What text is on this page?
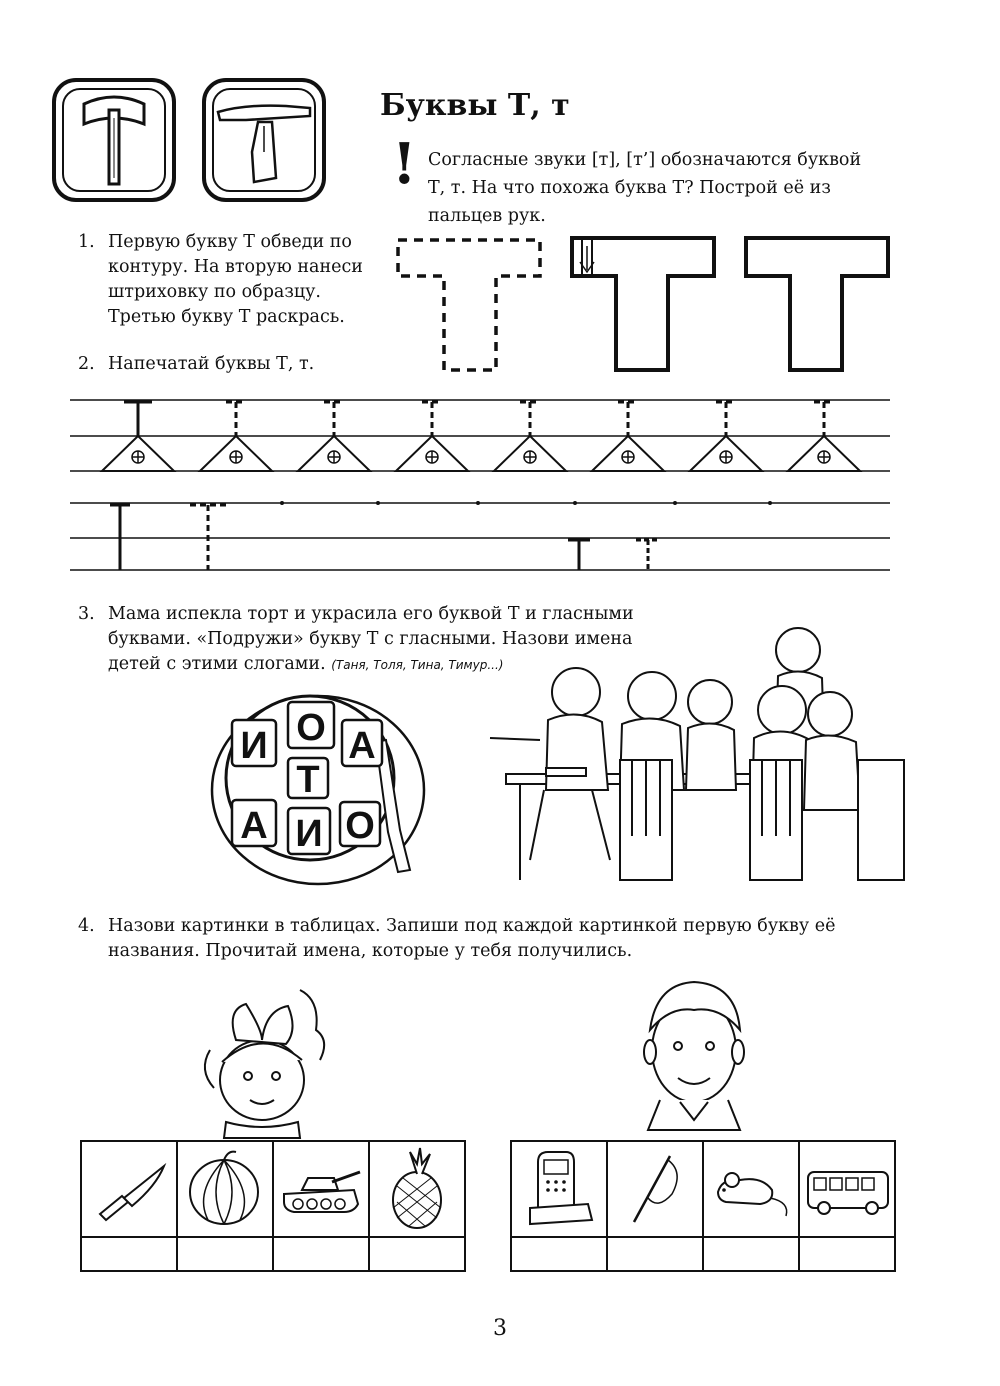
Буквы Т, т
! Согласные звуки [т], [т’] обозначаются буквой Т, т. На что похожа буква Т? Построй её из пальцев рук.
1. Первую букву Т обведи по контуру. На вторую нанеси штриховку по образцу. Третью букву Т раскрась.
2. Напечатай буквы Т, т.
3. Мама испекла торт и украсила его буквой Т и гласными буквами. «Подружи» букву Т с гласными. Назови имена детей с этими слогами. (Таня, Толя, Тина, Тимур...)
И О А
Т
А И О
4. Назови картинки в таблицах. Запиши под каждой картинкой первую букву её названия. Прочитай имена, которые у тебя получились.

3
